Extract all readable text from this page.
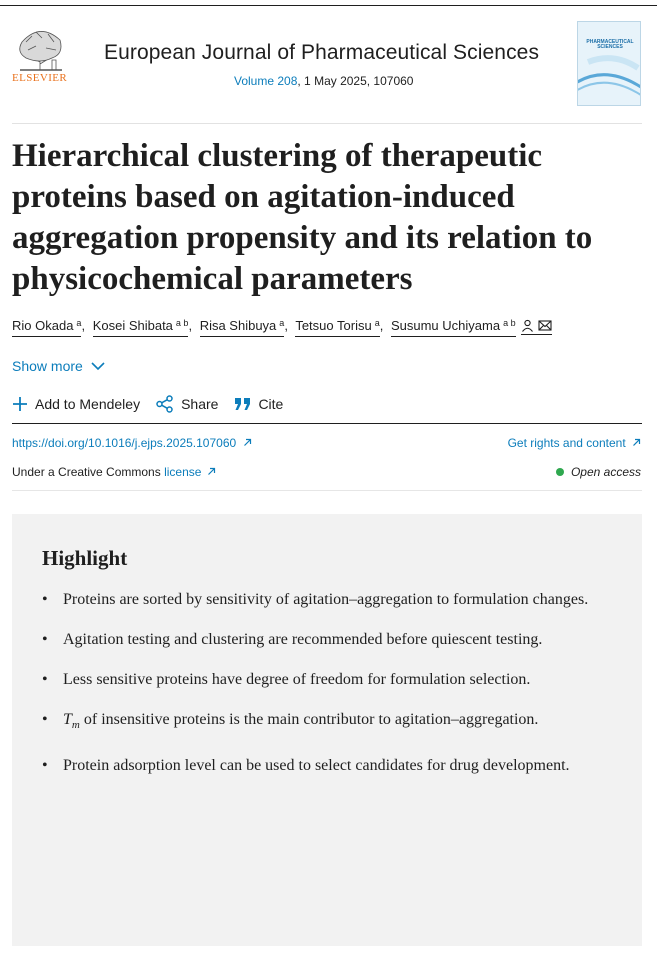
ELSEVIER
European Journal of Pharmaceutical Sciences
Volume 208, 1 May 2025, 107060
PHARMACEUTICAL SCIENCES
Hierarchical clustering of therapeutic proteins based on agitation-induced aggregation propensity and its relation to physicochemical parameters
Rio Okada $^a$, Kosei Shibata $^{a b}$, Risa Shibuya $^a$, Tetsuo Torisu $^a$, Susumu Uchiyama $^{a b}$
Show more
Add to Mendeley	Share	Cite
https://doi.org/10.1016/j.ejps.2025.107060	Get rights and content
Under a Creative Commons license	Open access
Highlight
• Proteins are sorted by sensitivity of agitation–aggregation to formulation changes.
• Agitation testing and clustering are recommended before quiescent testing.
• Less sensitive proteins have degree of freedom for formulation selection.
• $T_m$ of insensitive proteins is the main contributor to agitation–aggregation.
• Protein adsorption level can be used to select candidates for drug development.
